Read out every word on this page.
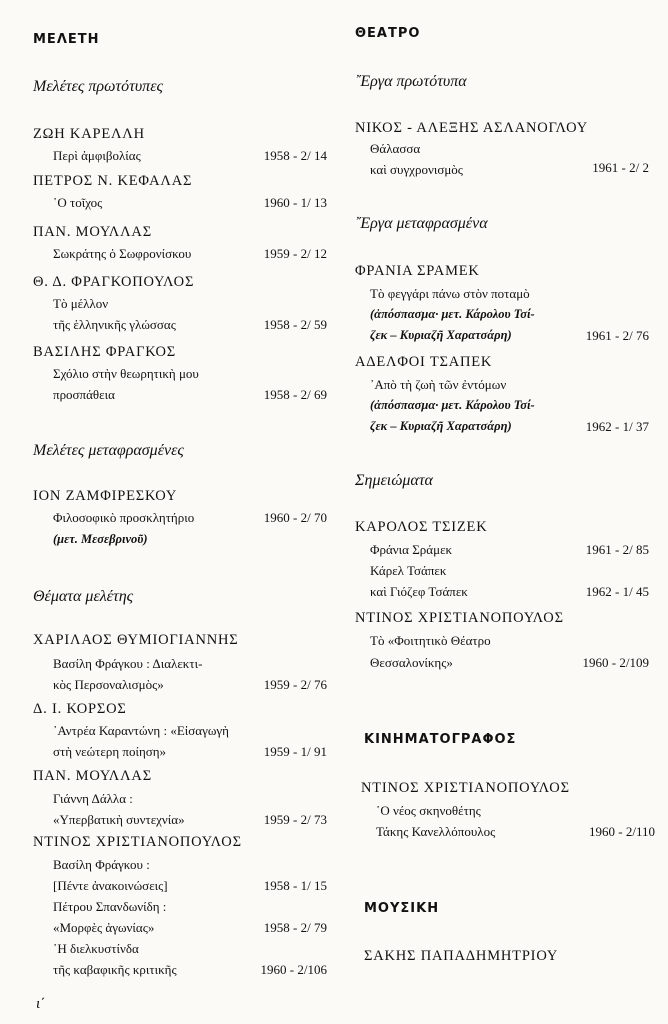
ΜΕΛΕΤΗ
Μελέτες πρωτότυπες
ΖΩΗ ΚΑΡΕΛΛΗ
Περὶ ἀμφιβολίας	1958 - 2/ 14
ΠΕΤΡΟΣ Ν. ΚΕΦΑΛΑΣ
῾Ο τοῖχος	1960 - 1/ 13
ΠΑΝ. ΜΟΥΛΛΑΣ
Σωκράτης ὁ Σωφρονίσκου	1959 - 2/ 12
Θ. Δ. ΦΡΑΓΚΟΠΟΥΛΟΣ
Τὸ μέλλον
τῆς ἑλληνικῆς γλώσσας	1958 - 2/ 59
ΒΑΣΙΛΗΣ ΦΡΑΓΚΟΣ
Σχόλιο στὴν θεωρητικὴ μου
προσπάθεια	1958 - 2/ 69
Μελέτες μεταφρασμένες
ΙΟΝ ΖΑΜΦΙΡΕΣΚΟΥ
Φιλοσοφικὸ προσκλητήριο	1960 - 2/ 70
(μετ. Μεσεβρινοῦ)
Θέματα μελέτης
ΧΑΡΙΛΑΟΣ ΘΥΜΙΟΓΙΑΝΝΗΣ
Βασίλη Φράγκου : Διαλεκτι-
κὸς Περσοναλισμὸς»	1959 - 2/ 76
Δ. Ι. ΚΟΡΣΟΣ
᾿Αντρέα Καραντώνη : «Εἰσαγωγὴ
στὴ νεώτερη ποίηση»	1959 - 1/ 91
ΠΑΝ. ΜΟΥΛΛΑΣ
Γιάννη Δάλλα :
«Υπερβατικὴ συντεχνία»	1959 - 2/ 73
ΝΤΙΝΟΣ ΧΡΙΣΤΙΑΝΟΠΟΥΛΟΣ
Βασίλη Φράγκου :
[Πέντε ἀνακοινώσεις]	1958 - 1/ 15
Πέτρου Σπανδωνίδη :
«Μορφὲς ἀγωνίας»	1958 - 2/ 79
῾Η διελκυστίνδα
τῆς καβαφικῆς κριτικῆς	1960 - 2/106
ι΄
ΘΕΑΤΡΟ
῎Εργα πρωτότυπα
ΝΙΚΟΣ - ΑΛΕΞΗΣ ΑΣΛΑΝΟΓΛΟΥ
Θάλασσα
καὶ συγχρονισμὸς	1961 - 2/ 2
῎Εργα μεταφρασμένα
ΦΡΑΝΙΑ ΣΡΑΜΕΚ
Τὸ φεγγάρι πάνω στὸν ποταμὸ
(ἀπόσπασμα· μετ. Κάρολου Τσί-
ζεκ – Κυριαζῆ Χαρατσάρη)	1961 - 2/ 76
ΑΔΕΛΦΟΙ ΤΣΑΠΕΚ
᾿Απὸ τὴ ζωὴ τῶν ἐντόμων
(ἀπόσπασμα· μετ. Κάρολου Τσί-
ζεκ – Κυριαζῆ Χαρατσάρη)	1962 - 1/ 37
Σημειώματα
ΚΑΡΟΛΟΣ ΤΣΙΖΕΚ
Φράνια Σράμεκ	1961 - 2/ 85
Κάρελ Τσάπεκ
καὶ Γιόζεφ Τσάπεκ	1962 - 1/ 45
ΝΤΙΝΟΣ ΧΡΙΣΤΙΑΝΟΠΟΥΛΟΣ
Τὸ «Φοιτητικὸ Θέατρο
Θεσσαλονίκης»	1960 - 2/109
ΚΙΝΗΜΑΤΟΓΡΑΦΟΣ
ΝΤΙΝΟΣ ΧΡΙΣΤΙΑΝΟΠΟΥΛΟΣ
῾Ο νέος σκηνοθέτης
Τάκης Κανελλόπουλος	1960 - 2/110
ΜΟΥΣΙΚΗ
ΣΑΚΗΣ ΠΑΠΑΔΗΜΗΤΡΙΟΥ
